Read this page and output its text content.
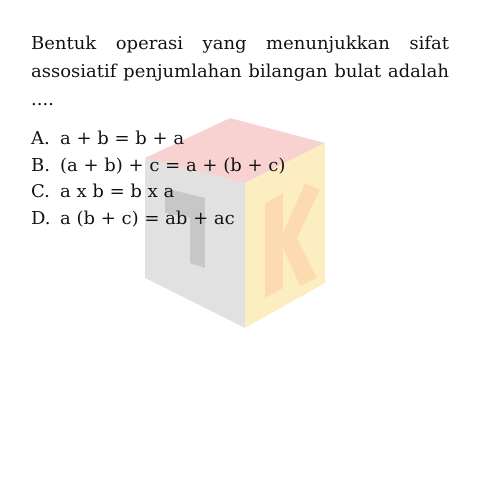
Bentuk operasi yang menunjukkan sifat assosiatif penjumlahan bilangan bulat adalah ....
A. a + b = b + a
B. (a + b) + c = a + (b + c)
C. a x b = b x a
D. a (b + c) = ab + ac
